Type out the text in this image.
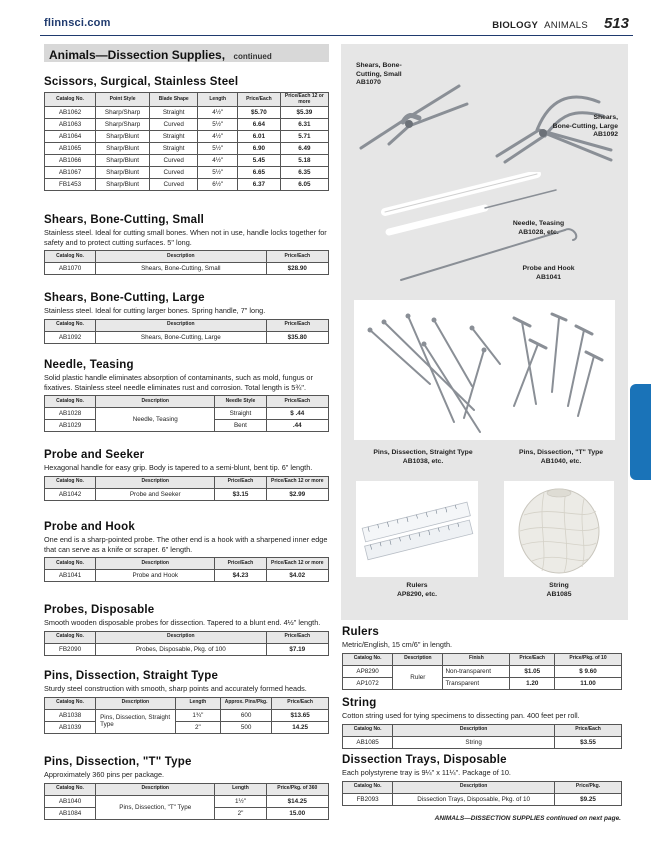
flinnsci.com	BIOLOGY ANIMALS 513
Animals—Dissection Supplies, continued
Scissors, Surgical, Stainless Steel
Catalog No.	Point Style	Blade Shape	Length	Price/Each	Price/Each 12 or more
AB1062	Sharp/Sharp	Straight	4½"	$5.70	$5.39
AB1063	Sharp/Sharp	Curved	5½"	6.64	6.31
AB1064	Sharp/Blunt	Straight	4½"	6.01	5.71
AB1065	Sharp/Blunt	Straight	5½"	6.90	6.49
AB1066	Sharp/Blunt	Curved	4½"	5.45	5.18
AB1067	Sharp/Blunt	Curved	5½"	6.65	6.35
FB1453	Sharp/Blunt	Curved	6½"	6.37	6.05
Shears, Bone-Cutting, Small
Stainless steel. Ideal for cutting small bones. When not in use, handle locks together for safety and to protect cutting surfaces. 5" long.
Catalog No.	Description	Price/Each
AB1070	Shears, Bone-Cutting, Small	$28.90
Shears, Bone-Cutting, Large
Stainless steel. Ideal for cutting larger bones. Spring handle, 7" long.
Catalog No.	Description	Price/Each
AB1092	Shears, Bone-Cutting, Large	$35.80
Needle, Teasing
Solid plastic handle eliminates absorption of contaminants, such as mold, fungus or fixatives. Stainless steel needle eliminates rust and corrosion. Total length is 5¾".
Catalog No.	Description	Needle Style	Price/Each
AB1028	Needle, Teasing	Straight	$ .44
AB1029		Bent	.44
Probe and Seeker
Hexagonal handle for easy grip. Body is tapered to a semi-blunt, bent tip. 6" length.
Catalog No.	Description	Price/Each	Price/Each 12 or more
AB1042	Probe and Seeker	$3.15	$2.99
Probe and Hook
One end is a sharp-pointed probe. The other end is a hook with a sharpened inner edge that can serve as a knife or scraper. 6" length.
Catalog No.	Description	Price/Each	Price/Each 12 or more
AB1041	Probe and Hook	$4.23	$4.02
Probes, Disposable
Smooth wooden disposable probes for dissection. Tapered to a blunt end. 4½" length.
Catalog No.	Description	Price/Each
FB2090	Probes, Disposable, Pkg. of 100	$7.19
Pins, Dissection, Straight Type
Sturdy steel construction with smooth, sharp points and accurately formed heads.
Catalog No.	Description	Length	Approx. Pins/Pkg.	Price/Each
AB1038	Pins, Dissection, Straight Type	1¾"	600	$13.65
AB1039		2"	500	14.25
Pins, Dissection, "T" Type
Approximately 360 pins per package.
Catalog No.	Description	Length	Price/Pkg. of 360
AB1040	Pins, Dissection, "T" Type	1½"	$14.25
AB1084		2"	15.00
Shears, Bone-
Cutting, Small
AB1070
Shears,
Bone-Cutting, Large
AB1092
Needle, Teasing
AB1028, etc.
Probe and Hook
AB1041
Pins, Dissection, Straight Type
AB1038, etc.
Pins, Dissection, "T" Type
AB1040, etc.
Rulers
AP8290, etc.
String
AB1085
Rulers
Metric/English, 15 cm/6" in length.
Catalog No.	Description	Finish	Price/Each	Price/Pkg. of 10
AP8290	Ruler	Non-transparent	$1.05	$ 9.60
AP1072		Transparent	1.20	11.00
String
Cotton string used for tying specimens to dissecting pan. 400 feet per roll.
Catalog No.	Description	Price/Each
AB1085	String	$3.55
Dissection Trays, Disposable
Each polystyrene tray is 9¼" x 11¼". Package of 10.
Catalog No.	Description	Price/Pkg.
FB2093	Dissection Trays, Disposable, Pkg. of 10	$9.25
ANIMALS—DISSECTION SUPPLIES continued on next page.
